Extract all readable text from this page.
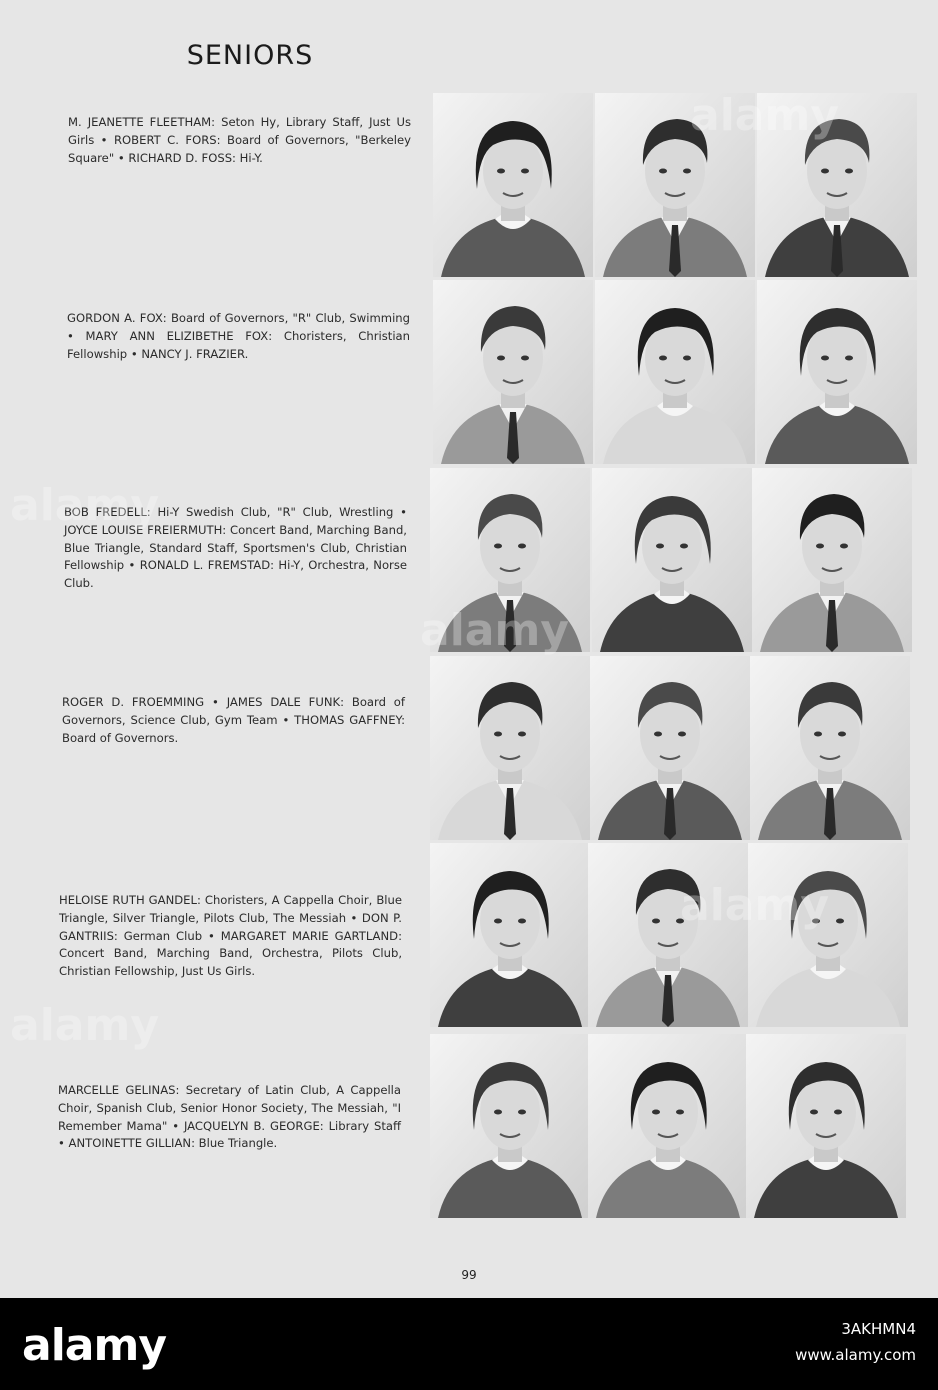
SENIORS
M. JEANETTE FLEETHAM: Seton Hy, Library Staff, Just Us Girls • ROBERT C. FORS: Board of Governors, "Berkeley Square" • RICHARD D. FOSS: Hi-Y.
GORDON A. FOX: Board of Governors, "R" Club, Swimming • MARY ANN ELIZIBETHE FOX: Choristers, Christian Fellowship • NANCY J. FRAZIER.
BOB FREDELL: Hi-Y Swedish Club, "R" Club, Wrestling • JOYCE LOUISE FREIERMUTH: Concert Band, Marching Band, Blue Triangle, Standard Staff, Sportsmen's Club, Christian Fellowship • RONALD L. FREMSTAD: Hi-Y, Orchestra, Norse Club.
ROGER D. FROEMMING • JAMES DALE FUNK: Board of Governors, Science Club, Gym Team • THOMAS GAFFNEY: Board of Governors.
HELOISE RUTH GANDEL: Choristers, A Cappella Choir, Blue Triangle, Silver Triangle, Pilots Club, The Messiah • DON P. GANTRIIS: German Club • MARGARET MARIE GARTLAND: Concert Band, Marching Band, Orchestra, Pilots Club, Christian Fellowship, Just Us Girls.
MARCELLE GELINAS: Secretary of Latin Club, A Cappella Choir, Spanish Club, Senior Honor Society, The Messiah, "I Remember Mama" • JACQUELYN B. GEORGE: Library Staff • ANTOINETTE GILLIAN: Blue Triangle.
alamy
alamy
alamy
alamy
alamy
99
alamy	3AKHMN4
www.alamy.com
